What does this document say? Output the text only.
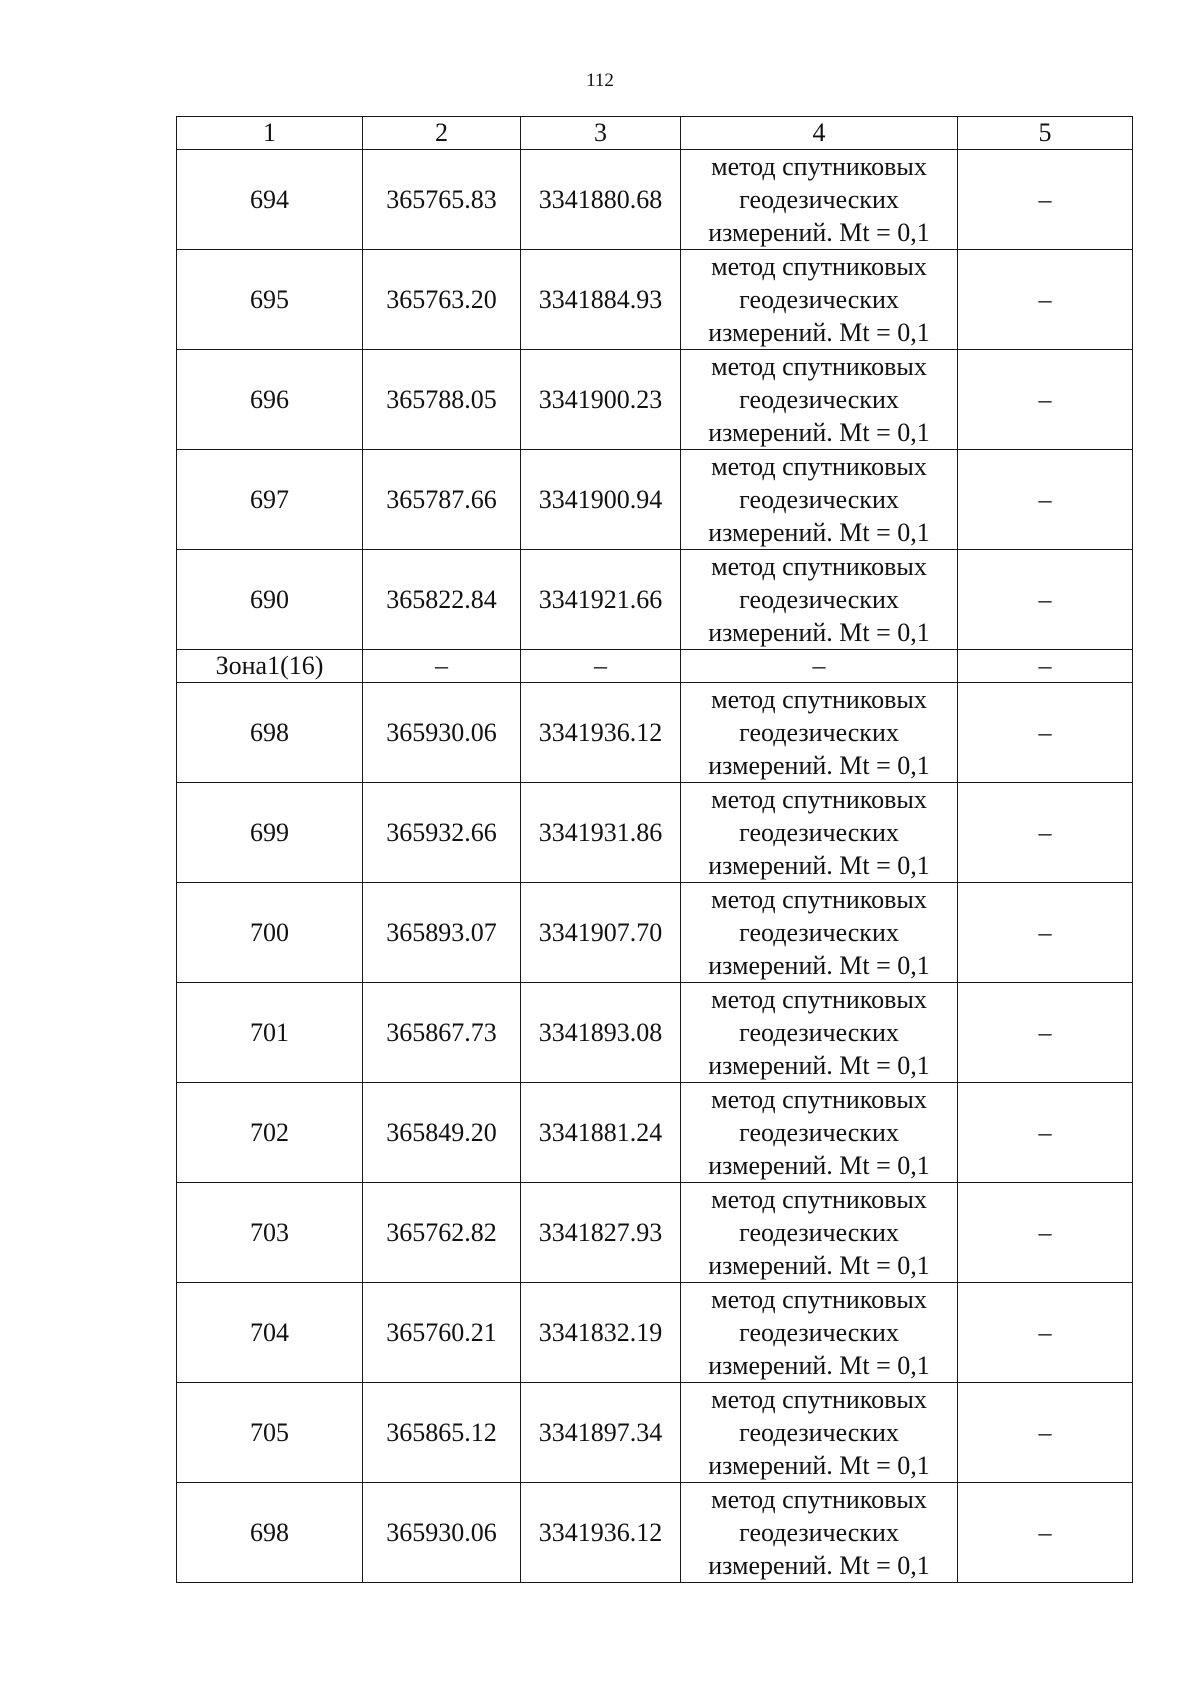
112
1	2	3	4	5
694	365765.83	3341880.68	метод спутниковых
геодезических
измерений. Mt = 0,1	–
695	365763.20	3341884.93	метод спутниковых
геодезических
измерений. Mt = 0,1	–
696	365788.05	3341900.23	метод спутниковых
геодезических
измерений. Mt = 0,1	–
697	365787.66	3341900.94	метод спутниковых
геодезических
измерений. Mt = 0,1	–
690	365822.84	3341921.66	метод спутниковых
геодезических
измерений. Mt = 0,1	–
Зона1(16)	–	–	–	–
698	365930.06	3341936.12	метод спутниковых
геодезических
измерений. Mt = 0,1	–
699	365932.66	3341931.86	метод спутниковых
геодезических
измерений. Mt = 0,1	–
700	365893.07	3341907.70	метод спутниковых
геодезических
измерений. Mt = 0,1	–
701	365867.73	3341893.08	метод спутниковых
геодезических
измерений. Mt = 0,1	–
702	365849.20	3341881.24	метод спутниковых
геодезических
измерений. Mt = 0,1	–
703	365762.82	3341827.93	метод спутниковых
геодезических
измерений. Mt = 0,1	–
704	365760.21	3341832.19	метод спутниковых
геодезических
измерений. Mt = 0,1	–
705	365865.12	3341897.34	метод спутниковых
геодезических
измерений. Mt = 0,1	–
698	365930.06	3341936.12	метод спутниковых
геодезических
измерений. Mt = 0,1	–
